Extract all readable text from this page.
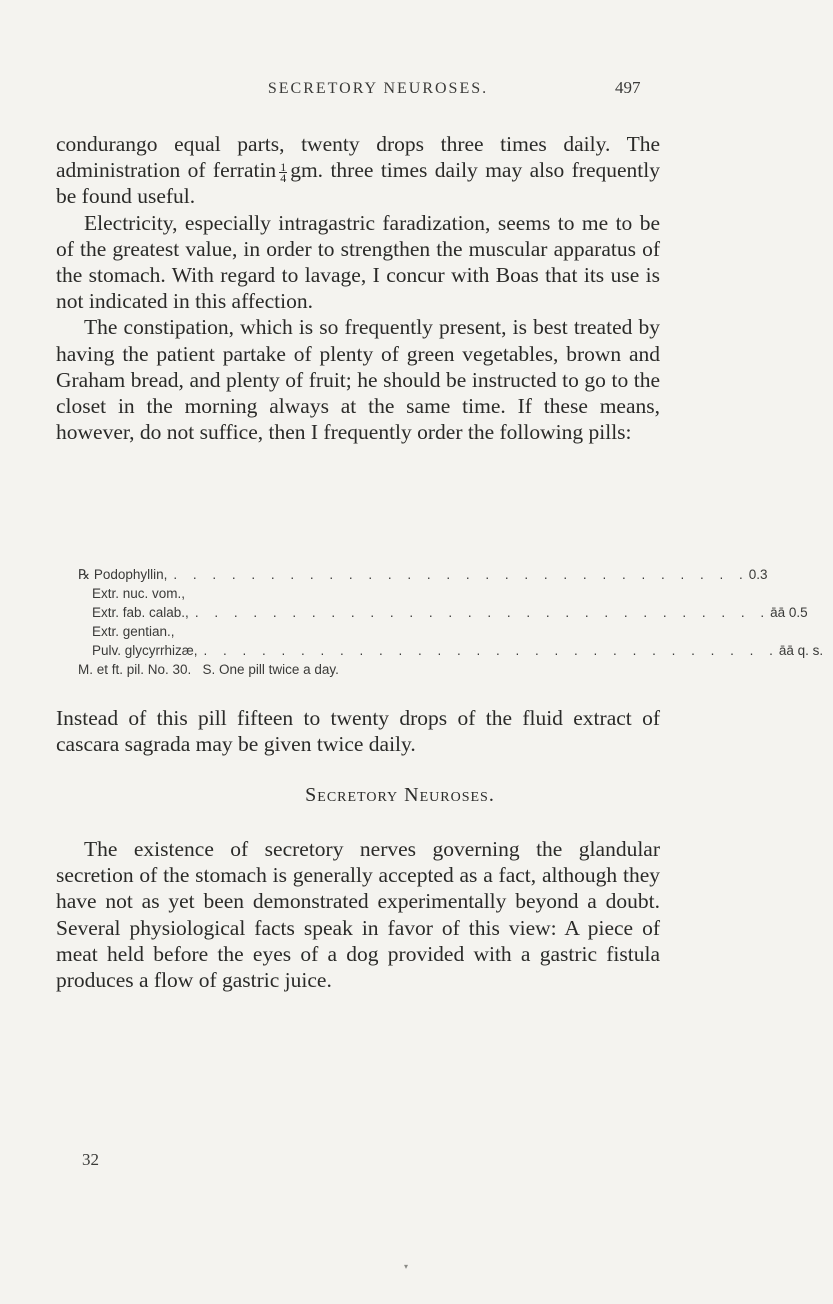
SECRETORY NEUROSES.	497

condurango equal parts, twenty drops three times daily. The administration of ferratin $\frac{1}{4}$ gm. three times daily may also frequently be found useful.

Electricity, especially intragastric faradization, seems to me to be of the greatest value, in order to strengthen the muscular apparatus of the stomach. With regard to lavage, I concur with Boas that its use is not indicated in this affection.

The constipation, which is so frequently present, is best treated by having the patient partake of plenty of green vegetables, brown and Graham bread, and plenty of fruit; he should be instructed to go to the closet in the morning always at the same time. If these means, however, do not suffice, then I frequently order the following pills:

℞ Podophyllin, . . . . . . . . . . . . . . . . . . . . . . . . . . . . . . 0.3
Extr. nuc. vom.,
Extr. fab. calab., . . . . . . . . . . . . . . . . . . . . . . . . . . . . . . āā 0.5
Extr. gentian.,
Pulv. glycyrrhizæ, . . . . . . . . . . . . . . . . . . . . . . . . . . . . . . āā q. s.
M. et ft. pil. No. 30.   S. One pill twice a day.

Instead of this pill fifteen to twenty drops of the fluid extract of cascara sagrada may be given twice daily.

Secretory Neuroses.

The existence of secretory nerves governing the glandular secretion of the stomach is generally accepted as a fact, although they have not as yet been demonstrated experimentally beyond a doubt. Several physiological facts speak in favor of this view: A piece of meat held before the eyes of a dog provided with a gastric fistula produces a flow of gastric juice.

32
▾
